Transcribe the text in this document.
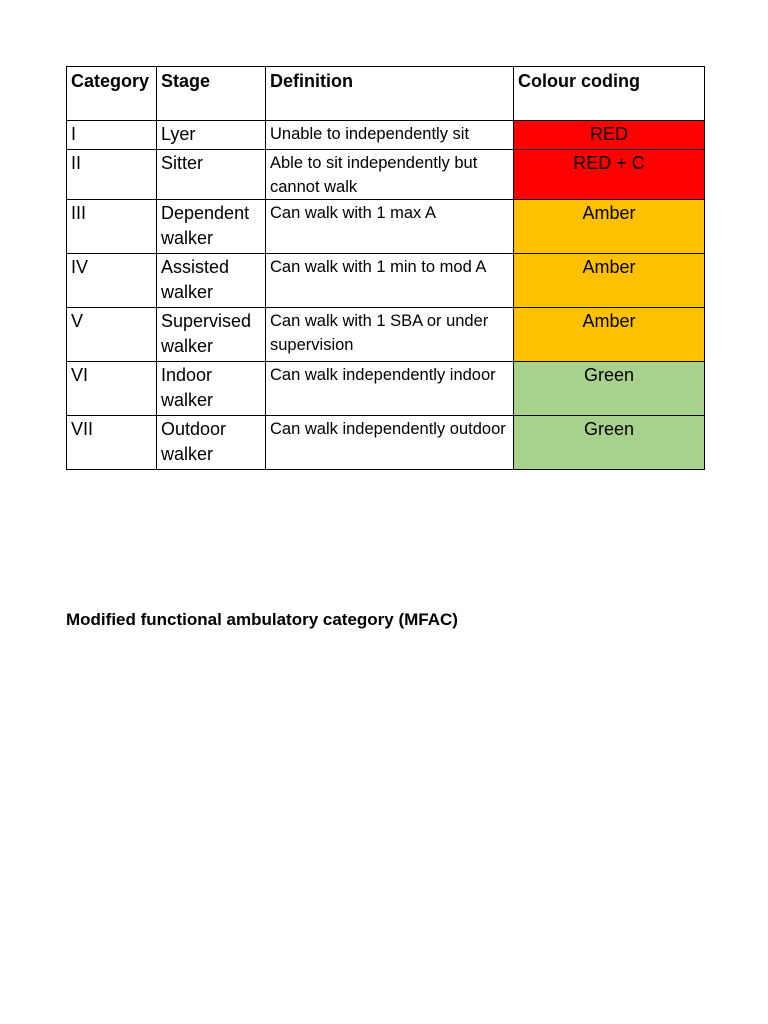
Category	Stage	Definition	Colour coding
I	Lyer	Unable to independently sit	RED
II	Sitter	Able to sit independently but cannot walk	RED + C
III	Dependent walker	Can walk with 1 max A	Amber
IV	Assisted walker	Can walk with 1 min to mod A	Amber
V	Supervised walker	Can walk with 1 SBA or under supervision	Amber
VI	Indoor walker	Can walk independently indoor	Green
VII	Outdoor walker	Can walk independently outdoor	Green
Modified functional ambulatory category (MFAC)
